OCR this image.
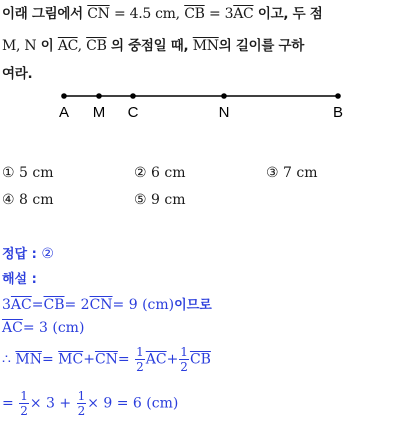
이래 그림에서 $\overline{CN} = 4.5$ cm, $\overline{CB} = 3\overline{AC}$ 이고, 두 점
M, N 이 $\overline{AC}$, $\overline{CB}$ 의 중점일 때, $\overline{MN}$의 길이를 구하
여라.
A M C	N	B
① 5 cm	② 6 cm	③ 7 cm
④ 8 cm	⑤ 9 cm
정답 : ②
해설 :
$3\overline{AC}=\overline{CB}= 2\overline{CN}= 9$ (cm)이므로
$\overline{AC}= 3$ (cm)
∴ $\overline{MN}= \overline{MC}+\overline{CN}= \frac{1}{2} \overline{AC}+ \frac{1}{2} \overline{CB}$
= $\frac{1}{2} \times 3 + \frac{1}{2} \times 9 = 6$ (cm)
